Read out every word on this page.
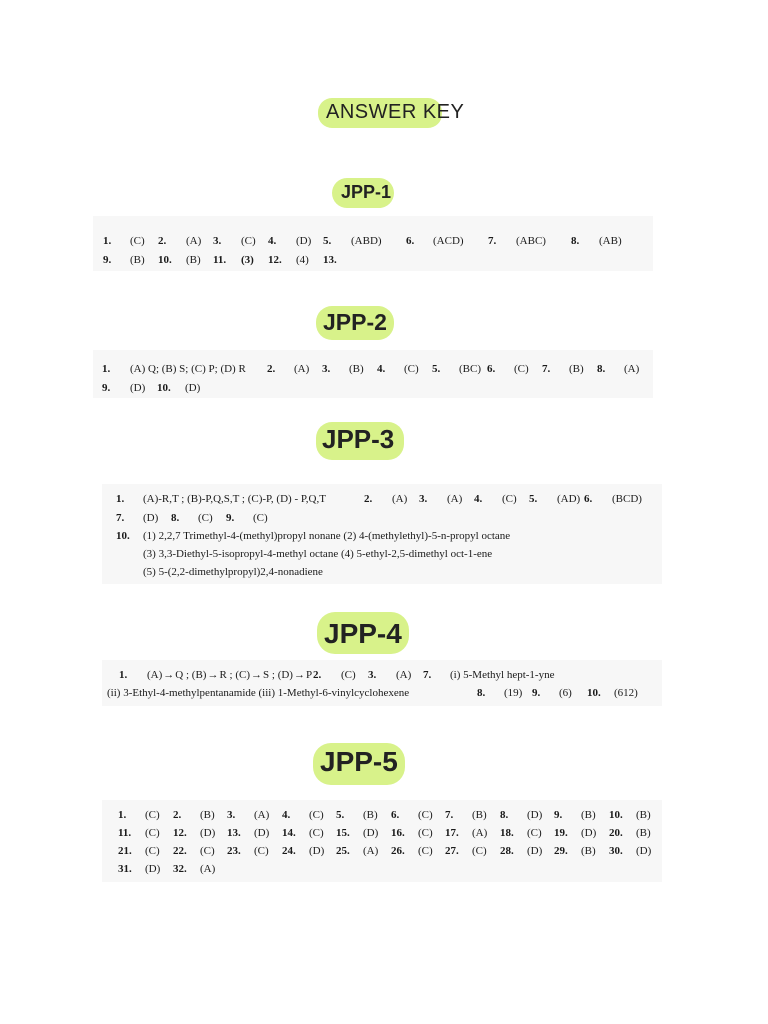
ANSWER KEY
JPP-1
JPP-2
JPP-3
JPP-4
JPP-5
1. (C) 2. (A) 3. (C) 4. (D) 5. (ABD) 6. (ACD) 7. (ABC) 8. (AB)
9. (B) 10. (B) 11. (3) 12. (4) 13.
1. (A) Q; (B) S; (C) P; (D) R 2. (A) 3. (B) 4. (C) 5. (BC) 6. (C) 7. (B) 8. (A)
9. (D) 10. (D)
1. (A)-R,T ; (B)-P,Q,S,T ; (C)-P, (D) - P,Q,T	2. (A) 3. (A) 4. (C) 5. (AD) 6. (BCD)
7. (D) 8. (C) 9. (C)
10. (1) 2,2,7 Trimethyl-4-(methyl)propyl nonane (2) 4-(methylethyl)-5-n-propyl octane
(3) 3,3-Diethyl-5-isopropyl-4-methyl octane (4) 5-ethyl-2,5-dimethyl oct-1-ene
(5) 5-(2,2-dimethylpropyl)2,4-nonadiene
1. (A)→Q ; (B)→R ; (C)→S ; (D)→P 2. (C) 3. (A) 7. (i) 5-Methyl hept-1-yne
(ii) 3-Ethyl-4-methylpentanamide (iii) 1-Methyl-6-vinylcyclohexene	8. (19) 9. (6) 10. (612)
1. (C) 2. (B) 3. (A) 4. (C) 5. (B) 6. (C) 7. (B) 8. (D) 9. (B) 10. (B)
11. (C) 12. (D) 13. (D) 14. (C) 15. (D) 16. (C) 17. (A) 18. (C) 19. (D) 20. (B)
21. (C) 22. (C) 23. (C) 24. (D) 25. (A) 26. (C) 27. (C) 28. (D) 29. (B) 30. (D)
31. (D) 32. (A)
